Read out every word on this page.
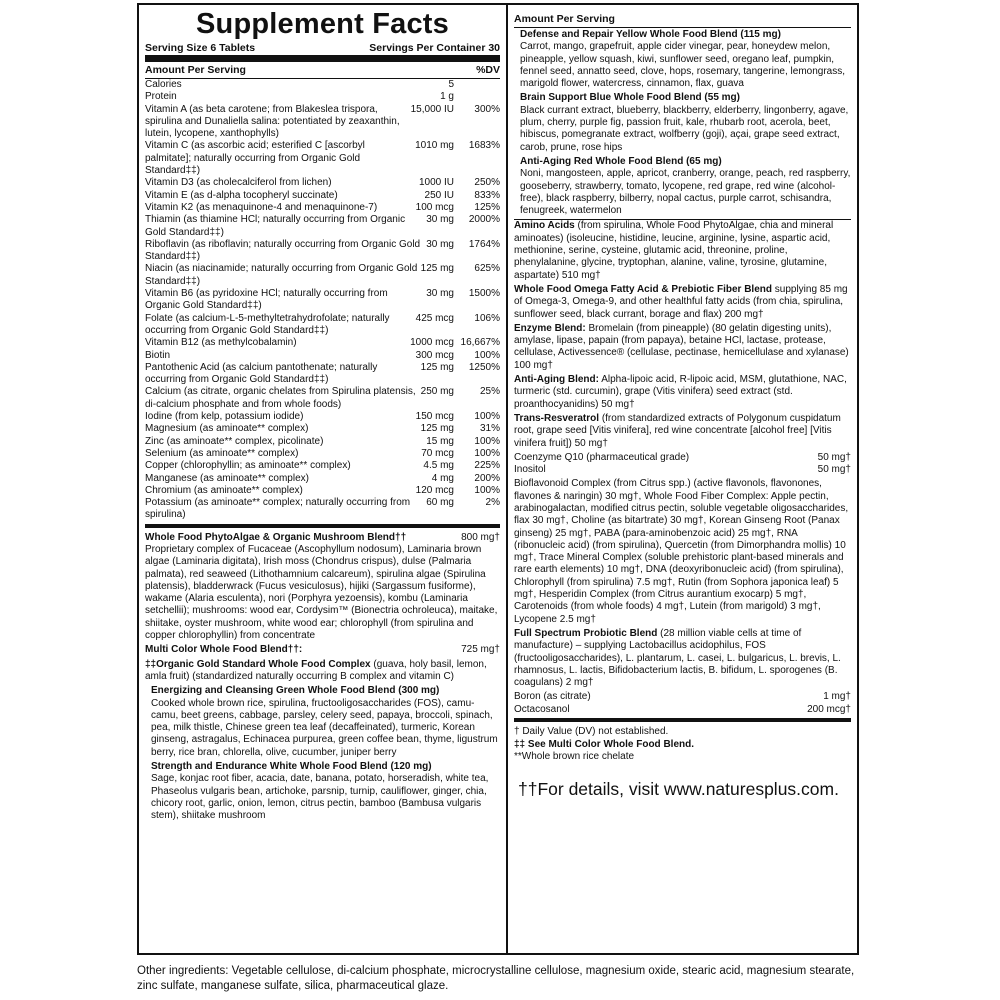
Supplement Facts
Serving Size 6 Tablets	Servings Per Container 30
Amount Per Serving	%DV
Calories	5
Protein	1 g
Vitamin A (as beta carotene; from Blakeslea trispora, spirulina and Dunaliella salina: potentiated by zeaxanthin, lutein, lycopene, xanthophylls)
15,000 IU	300%
Vitamin C (as ascorbic acid; esterified C [ascorbyl palmitate]; naturally occurring from Organic Gold Standard‡‡)
1010 mg	1683%
Vitamin D3 (as cholecalciferol from lichen)	1000 IU	250%
Vitamin E (as d-alpha tocopheryl succinate)	250 IU	833%
Vitamin K2 (as menaquinone-4 and menaquinone-7)	100 mcg	125%
Thiamin (as thiamine HCl; naturally occurring from Organic Gold Standard‡‡)
30 mg	2000%
Riboflavin (as riboflavin; naturally occurring from Organic Gold Standard‡‡)
30 mg	1764%
Niacin (as niacinamide; naturally occurring from Organic Gold Standard‡‡)
125 mg	625%
Vitamin B6 (as pyridoxine HCl; naturally occurring from Organic Gold Standard‡‡)
30 mg	1500%
Folate (as calcium-L-5-methyltetrahydrofolate; naturally occurring from Organic Gold Standard‡‡)
425 mcg	106%
Vitamin B12 (as methylcobalamin)	1000 mcg 16,667%
Biotin	300 mcg	100%
Pantothenic Acid (as calcium pantothenate; naturally occurring from Organic Gold Standard‡‡)
125 mg	1250%
Calcium (as citrate, organic chelates from Spirulina platensis, di-calcium phosphate and from whole foods)
250 mg	25%
Iodine (from kelp, potassium iodide)	150 mcg	100%
Magnesium (as aminoate** complex)	125 mg	31%
Zinc (as aminoate** complex, picolinate)	15 mg	100%
Selenium (as aminoate** complex)	70 mcg	100%
Copper (chlorophyllin; as aminoate** complex)	4.5 mg	225%
Manganese (as aminoate** complex)	4 mg	200%
Chromium (as aminoate** complex)	120 mcg	100%
Potassium (as aminoate** complex; naturally occurring from spirulina)
60 mg	2%
Whole Food PhytoAlgae & Organic Mushroom Blend††	800 mg†
Proprietary complex of Fucaceae (Ascophyllum nodosum), Laminaria brown algae (Laminaria digitata), Irish moss (Chondrus crispus), dulse (Palmaria palmata), red seaweed (Lithothamnium calcareum), spirulina algae (Spirulina platensis), bladderwrack (Fucus vesiculosus), hijiki (Sargassum fusiforme), wakame (Alaria esculenta), nori (Porphyra yezoensis), kombu (Laminaria setchellii); mushrooms: wood ear, Cordysim™ (Bionectria ochroleuca), maitake, shiitake, oyster mushroom, white wood ear; chlorophyll (from spirulina and copper chlorophyllin) from concentrate
Multi Color Whole Food Blend††:	725 mg†
‡‡Organic Gold Standard Whole Food Complex (guava, holy basil, lemon, amla fruit) (standardized naturally occurring B complex and vitamin C)
Energizing and Cleansing Green Whole Food Blend (300 mg)
Cooked whole brown rice, spirulina, fructooligosaccharides (FOS), camu-camu, beet greens, cabbage, parsley, celery seed, papaya, broccoli, spinach, pea, milk thistle, Chinese green tea leaf (decaffeinated), turmeric, Korean ginseng, astragalus, Echinacea purpurea, green coffee bean, thyme, ligustrum berry, rice bran, chlorella, olive, cucumber, juniper berry
Strength and Endurance White Whole Food Blend (120 mg)
Sage, konjac root fiber, acacia, date, banana, potato, horseradish, white tea, Phaseolus vulgaris bean, artichoke, parsnip, turnip, cauliflower, ginger, chia, chicory root, garlic, onion, lemon, citrus pectin, bamboo (Bambusa vulgaris stem), shiitake mushroom
Amount Per Serving
Defense and Repair Yellow Whole Food Blend (115 mg)
Carrot, mango, grapefruit, apple cider vinegar, pear, honeydew melon, pineapple, yellow squash, kiwi, sunflower seed, oregano leaf, pumpkin, fennel seed, annatto seed, clove, hops, rosemary, tangerine, lemongrass, marigold flower, watercress, cinnamon, flax, guava
Brain Support Blue Whole Food Blend (55 mg)
Black currant extract, blueberry, blackberry, elderberry, lingonberry, agave, plum, cherry, purple fig, passion fruit, kale, rhubarb root, acerola, beet, hibiscus, pomegranate extract, wolfberry (goji), açai, grape seed extract, carob, prune, rose hips
Anti-Aging Red Whole Food Blend (65 mg)
Noni, mangosteen, apple, apricot, cranberry, orange, peach, red raspberry, gooseberry, strawberry, tomato, lycopene, red grape, red wine (alcohol-free), black raspberry, bilberry, nopal cactus, purple carrot, schisandra, fenugreek, watermelon
Amino Acids (from spirulina, Whole Food PhytoAlgae, chia and mineral aminoates) (isoleucine, histidine, leucine, arginine, lysine, aspartic acid, methionine, serine, cysteine, glutamic acid, threonine, proline, phenylalanine, glycine, tryptophan, alanine, valine, tyrosine, glutamine, aspartate) 510 mg†
Whole Food Omega Fatty Acid & Prebiotic Fiber Blend supplying 85 mg of Omega-3, Omega-9, and other healthful fatty acids (from chia, spirulina, sunflower seed, black currant, borage and flax) 200 mg†
Enzyme Blend: Bromelain (from pineapple) (80 gelatin digesting units), amylase, lipase, papain (from papaya), betaine HCl, lactase, protease, cellulase, Activessence® (cellulase, pectinase, hemicellulase and xylanase) 100 mg†
Anti-Aging Blend: Alpha-lipoic acid, R-lipoic acid, MSM, glutathione, NAC, turmeric (std. curcumin), grape (Vitis vinifera) seed extract (std. proanthocyanidins) 50 mg†
Trans-Resveratrol (from standardized extracts of Polygonum cuspidatum root, grape seed [Vitis vinifera], red wine concentrate [alcohol free] [Vitis vinifera fruit]) 50 mg†
Coenzyme Q10 (pharmaceutical grade)	50 mg†
Inositol	50 mg†
Bioflavonoid Complex (from Citrus spp.) (active flavonols, flavonones, flavones & naringin) 30 mg†, Whole Food Fiber Complex: Apple pectin, arabinogalactan, modified citrus pectin, soluble vegetable oligosaccharides, flax 30 mg†, Choline (as bitartrate) 30 mg†, Korean Ginseng Root (Panax ginseng) 25 mg†, PABA (para-aminobenzoic acid) 25 mg†, RNA (ribonucleic acid) (from spirulina), Quercetin (from Dimorphandra mollis) 10 mg†, Trace Mineral Complex (soluble prehistoric plant-based minerals and rare earth elements) 10 mg†, DNA (deoxyribonucleic acid) (from spirulina), Chlorophyll (from spirulina) 7.5 mg†, Rutin (from Sophora japonica leaf) 5 mg†, Hesperidin Complex (from Citrus aurantium exocarp) 5 mg†, Carotenoids (from whole foods) 4 mg†, Lutein (from marigold) 3 mg†, Lycopene 2.5 mg†
Full Spectrum Probiotic Blend (28 million viable cells at time of manufacture) – supplying Lactobacillus acidophilus, FOS (fructooligosaccharides), L. plantarum, L. casei, L. bulgaricus, L. brevis, L. rhamnosus, L. lactis, Bifidobacterium lactis, B. bifidum, L. sporogenes (B. coagulans) 2 mg†
Boron (as citrate)	1 mg†
Octacosanol	200 mcg†
† Daily Value (DV) not established.
‡‡ See Multi Color Whole Food Blend.
**Whole brown rice chelate
††For details, visit www.naturesplus.com.
Other ingredients: Vegetable cellulose, di-calcium phosphate, microcrystalline cellulose, magnesium oxide, stearic acid, magnesium stearate, zinc sulfate, manganese sulfate, silica, pharmaceutical glaze.
